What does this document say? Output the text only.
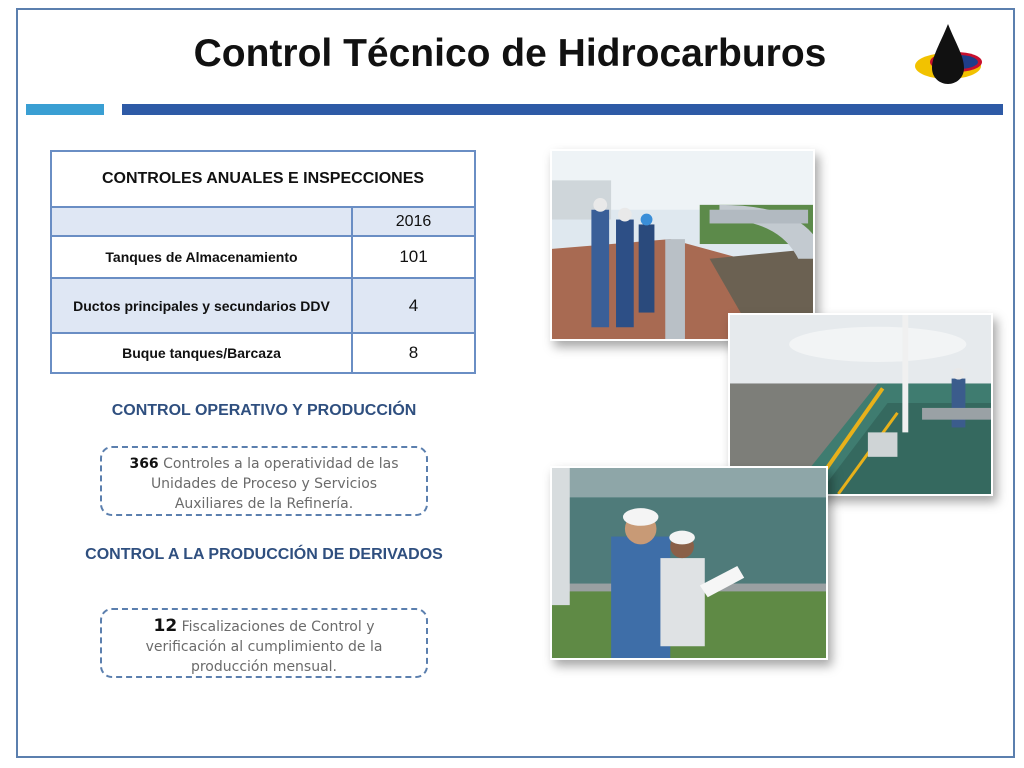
Control Técnico de Hidrocarburos
CONTROLES ANUALES E INSPECCIONES	
	2016
Tanques de Almacenamiento	101
Ductos principales y secundarios DDV	4
Buque tanques/Barcaza	8
CONTROL OPERATIVO Y PRODUCCIÓN
366 Controles a la operatividad de las Unidades de Proceso y Servicios Auxiliares de la Refinería.
CONTROL A LA PRODUCCIÓN DE DERIVADOS
12 Fiscalizaciones de Control y verificación al cumplimiento de la producción mensual.
